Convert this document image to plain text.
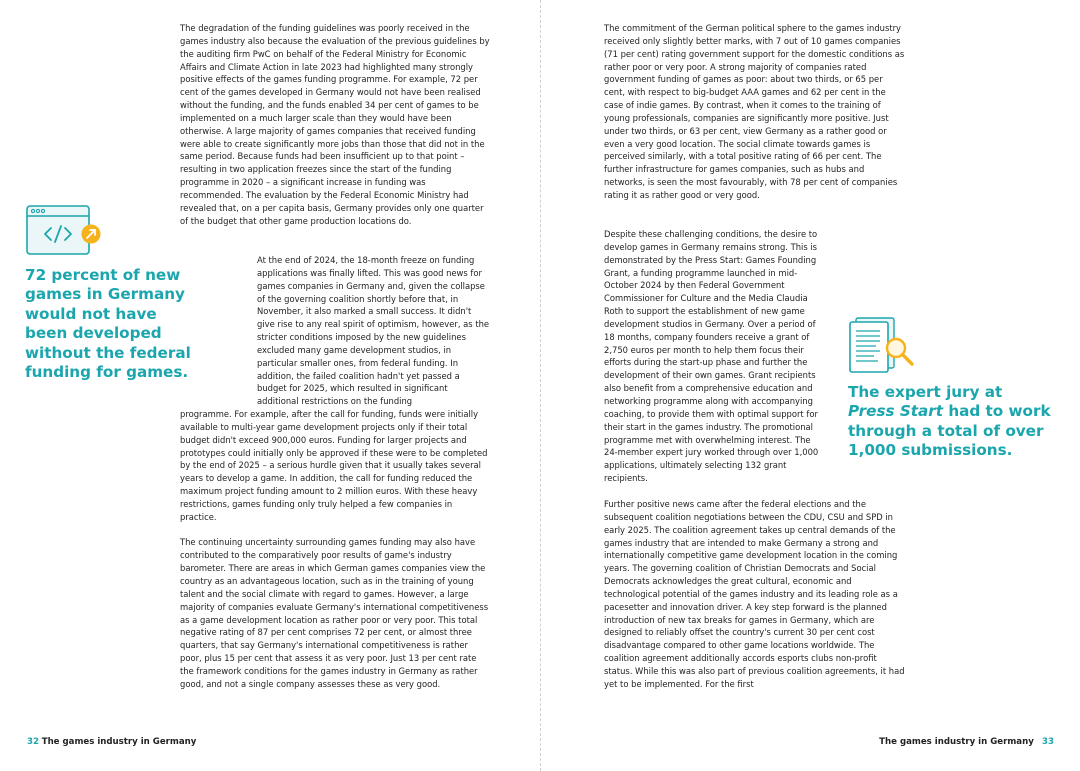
The degradation of the funding guidelines was poorly received in the games industry also because the evaluation of the previous guidelines by the auditing firm PwC on behalf of the Federal Ministry for Economic Affairs and Climate Action in late 2023 had highlighted many strongly positive effects of the games funding programme. For example, 72 per cent of the games developed in Germany would not have been realised without the funding, and the funds enabled 34 per cent of games to be implemented on a much larger scale than they would have been otherwise. A large majority of games companies that received funding were able to create significantly more jobs than those that did not in the same period. Because funds had been insufficient up to that point – resulting in two application freezes since the start of the funding programme in 2020 – a significant increase in funding was recommended. The evaluation by the Federal Economic Ministry had revealed that, on a per capita basis, Germany provides only one quarter of the budget that other game production locations do.

At the end of 2024, the 18-month freeze on funding applications was finally lifted. This was good news for games companies in Germany and, given the collapse of the governing coalition shortly before that, in November, it also marked a small success. It didn't give rise to any real spirit of optimism, however, as the stricter conditions imposed by the new guidelines excluded many game development studios, in particular smaller ones, from federal funding. In addition, the failed coalition hadn't yet passed a budget for 2025, which resulted in significant additional restrictions on the funding

programme. For example, after the call for funding, funds were initially available to multi-year game development projects only if their total budget didn't exceed 900,000 euros. Funding for larger projects and prototypes could initially only be approved if these were to be completed by the end of 2025 – a serious hurdle given that it usually takes several years to develop a game. In addition, the call for funding reduced the maximum project funding amount to 2 million euros. With these heavy restrictions, games funding only truly helped a few companies in practice.

The continuing uncertainty surrounding games funding may also have contributed to the comparatively poor results of game's industry barometer. There are areas in which German games companies view the country as an advantageous location, such as in the training of young talent and the social climate with regard to games. However, a large majority of companies evaluate Germany's international competitiveness as a game development location as rather poor or very poor. This total negative rating of 87 per cent comprises 72 per cent, or almost three quarters, that say Germany's international competitiveness is rather poor, plus 15 per cent that assess it as very poor. Just 13 per cent rate the framework conditions for the games industry in Germany as rather good, and not a single company assesses these as very good.

72 percent of new games in Germany would not have been developed without the federal funding for games.
32 The games industry in Germany

The commitment of the German political sphere to the games industry received only slightly better marks, with 7 out of 10 games companies (71 per cent) rating government support for the domestic conditions as rather poor or very poor. A strong majority of companies rated government funding of games as poor: about two thirds, or 65 per cent, with respect to big-budget AAA games and 62 per cent in the case of indie games. By contrast, when it comes to the training of young professionals, companies are significantly more positive. Just under two thirds, or 63 per cent, view Germany as a rather good or even a very good location. The social climate towards games is perceived similarly, with a total positive rating of 66 per cent. The further infrastructure for games companies, such as hubs and networks, is seen the most favourably, with 78 per cent of companies rating it as rather good or very good.

Despite these challenging conditions, the desire to develop games in Germany remains strong. This is demonstrated by the Press Start: Games Founding Grant, a funding programme launched in mid-October 2024 by then Federal Government Commissioner for Culture and the Media Claudia Roth to support the establishment of new game development studios in Germany. Over a period of 18 months, company founders receive a grant of 2,750 euros per month to help them focus their efforts during the start-up phase and further the development of their own games. Grant recipients also benefit from a comprehensive education and networking programme along with accompanying coaching, to provide them with optimal support for their start in the games industry. The promotional programme met with overwhelming interest. The 24-member expert jury worked through over 1,000 applications, ultimately selecting 132 grant recipients.

Further positive news came after the federal elections and the subsequent coalition negotiations between the CDU, CSU and SPD in early 2025. The coalition agreement takes up central demands of the games industry that are intended to make Germany a strong and internationally competitive game development location in the coming years. The governing coalition of Christian Democrats and Social Democrats acknowledges the great cultural, economic and technological potential of the games industry and its leading role as a pacesetter and innovation driver. A key step forward is the planned introduction of new tax breaks for games in Germany, which are designed to reliably offset the country's current 30 per cent cost disadvantage compared to other game locations worldwide. The coalition agreement additionally accords esports clubs non-profit status. While this was also part of previous coalition agreements, it had yet to be implemented. For the first

The expert jury at Press Start had to work through a total of over 1,000 submissions.
The games industry in Germany 33
